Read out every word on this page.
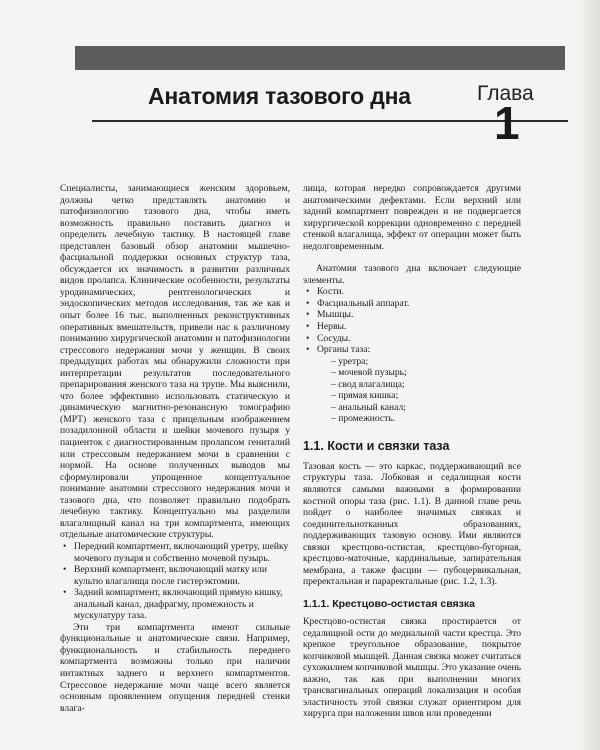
Анатомия тазового дна	Глава
1

Специалисты, занимающиеся женским здоровьем, должны четко представлять анатомию и патофизиологию тазового дна, чтобы иметь возможность правильно поставить диагноз и определить лечебную тактику. В настоящей главе представлен базовый обзор анатомии мышечно-фасциальной поддержки основных структур таза, обсуждается их значимость в развитии различных видов пролапса. Клинические особенности, результаты уродинамических, рентгенологических и эндоскопических методов исследования, так же как и опыт более 16 тыс. выполненных реконструктивных оперативных вмешательств, привели нас к различному пониманию хирургической анатомии и патофизиологии стрессового недержания мочи у женщин. В своих предыдущих работах мы обнаружили сложности при интерпретации результатов последовательного препарирования женского таза на трупе. Мы выяснили, что более эффективно использовать статическую и динамическую магнитно-резонансную томографию (МРТ) женского таза с прицельным изображением позадилонной области и шейки мочевого пузыря у пациенток с диагностированным пролапсом гениталий или стрессовым недержанием мочи в сравнении с нормой. На основе полученных выводов мы сформулировали упрощенное концептуальное понимание анатомии стрессового недержания мочи и тазового дна, что позволяет правильно подобрать лечебную тактику. Концептуально мы разделили влагалищный канал на три компартмента, имеющих отдельные анатомические структуры.

• Передний компартмент, включающий уретру, шейку мочевого пузыря и собственно мочевой пузырь.
• Верхний компартмент, включающий матку или культю влагалища после гистерэктомии.
• Задний компартмент, включающий прямую кишку, анальный канал, диафрагму, промежность и мускулатуру таза.

Эти три компартмента имеют сильные функциональные и анатомические связи. Например, функциональность и стабильность переднего компартмента возможны только при наличии интактных заднего и верхнего компартментов. Стрессовое недержание мочи чаще всего является основным проявлением опущения передней стенки влага-

лища, которая нередко сопровождается другими анатомическими дефектами. Если верхний или задний компартмент поврежден и не подвергается хирургической коррекции одновременно с передней стенкой влагалища, эффект от операции может быть недолговременным.

Анатомия тазового дна включает следующие элементы.

• Кости.
• Фасциальный аппарат.
• Мышцы.
• Нервы.
• Сосуды.
• Органы таза:
– уретра;
– мочевой пузырь;
– свод влагалища;
– прямая кишка;
– анальный канал;
– промежность.
1.1. Кости и связки таза

Тазовая кость — это каркас, поддерживающий все структуры таза. Лобковая и седалищная кости являются самыми важными в формировании костной опоры таза (рис. 1.1). В данной главе речь пойдет о наиболее значимых связках и соединительнотканных образованиях, поддерживающих тазовую основу. Ими являются связки крестцово-остистая, крестцово-бугорная, крестцово-маточные, кардинальные, запирательная мембрана, а также фасции — пубоцервикальная, преректальная и параректальные (рис. 1.2, 1.3).

1.1.1. Крестцово-остистая связка

Крестцово-остистая связка простирается от седалищной ости до медиальной части крестца. Это крепкое треугольное образование, покрытое копчиковой мышцей. Данная связка может считаться сухожилием копчиковой мышцы. Это указание очень важно, так как при выполнении многих трансвагинальных операций локализация и особая эластичность этой связки служат ориентиром для хирурга при наложении швов или проведении
